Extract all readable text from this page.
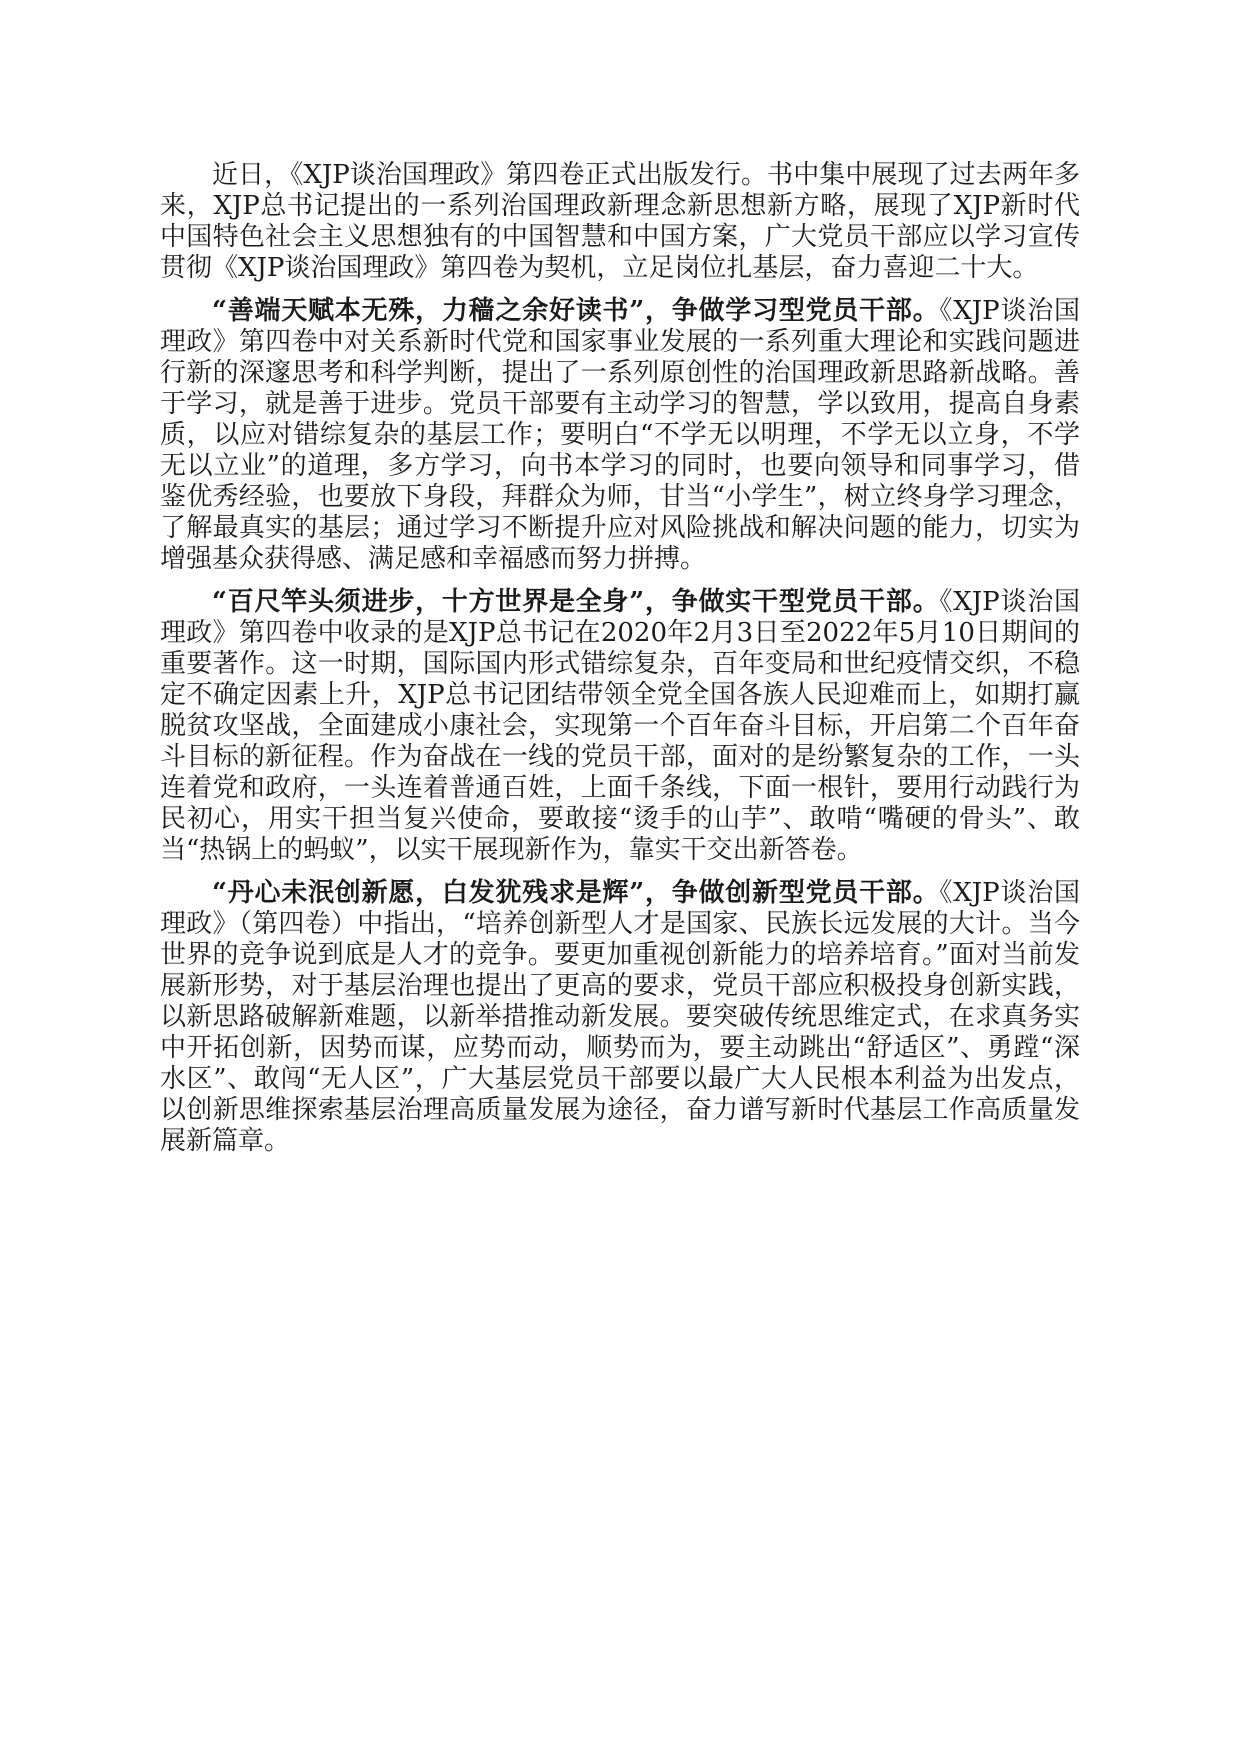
近日，《XJP谈治国理政》第四卷正式出版发行。书中集中展现了过去两年多来，XJP总书记提出的一系列治国理政新理念新思想新方略，展现了XJP新时代中国特色社会主义思想独有的中国智慧和中国方案，广大党员干部应以学习宣传贯彻《XJP谈治国理政》第四卷为契机，立足岗位扎基层，奋力喜迎二十大。

“善端天赋本无殊，力穑之余好读书”，争做学习型党员干部。《XJP谈治国理政》第四卷中对关系新时代党和国家事业发展的一系列重大理论和实践问题进行新的深邃思考和科学判断，提出了一系列原创性的治国理政新思路新战略。善于学习，就是善于进步。党员干部要有主动学习的智慧，学以致用，提高自身素质，以应对错综复杂的基层工作；要明白“不学无以明理，不学无以立身，不学无以立业”的道理，多方学习，向书本学习的同时，也要向领导和同事学习，借鉴优秀经验，也要放下身段，拜群众为师，甘当“小学生”，树立终身学习理念，了解最真实的基层；通过学习不断提升应对风险挑战和解决问题的能力，切实为增强基众获得感、满足感和幸福感而努力拼搏。

“百尺竿头须进步，十方世界是全身”，争做实干型党员干部。《XJP谈治国理政》第四卷中收录的是XJP总书记在2020年2月3日至2022年5月10日期间的重要著作。这一时期，国际国内形式错综复杂，百年变局和世纪疫情交织，不稳定不确定因素上升，XJP总书记团结带领全党全国各族人民迎难而上，如期打赢脱贫攻坚战，全面建成小康社会，实现第一个百年奋斗目标，开启第二个百年奋斗目标的新征程。作为奋战在一线的党员干部，面对的是纷繁复杂的工作，一头连着党和政府，一头连着普通百姓，上面千条线，下面一根针，要用行动践行为民初心，用实干担当复兴使命，要敢接“烫手的山芋”、敢啃“嘴硬的骨头”、敢当“热锅上的蚂蚁”，以实干展现新作为，靠实干交出新答卷。

“丹心未泯创新愿，白发犹残求是辉”，争做创新型党员干部。《XJP谈治国理政》（第四卷）中指出，“培养创新型人才是国家、民族长远发展的大计。当今世界的竞争说到底是人才的竞争。要更加重视创新能力的培养培育。”面对当前发展新形势，对于基层治理也提出了更高的要求，党员干部应积极投身创新实践，以新思路破解新难题，以新举措推动新发展。要突破传统思维定式，在求真务实中开拓创新，因势而谋，应势而动，顺势而为，要主动跳出“舒适区”、勇蹚“深水区”、敢闯“无人区”，广大基层党员干部要以最广大人民根本利益为出发点，以创新思维探索基层治理高质量发展为途径，奋力谱写新时代基层工作高质量发展新篇章。
